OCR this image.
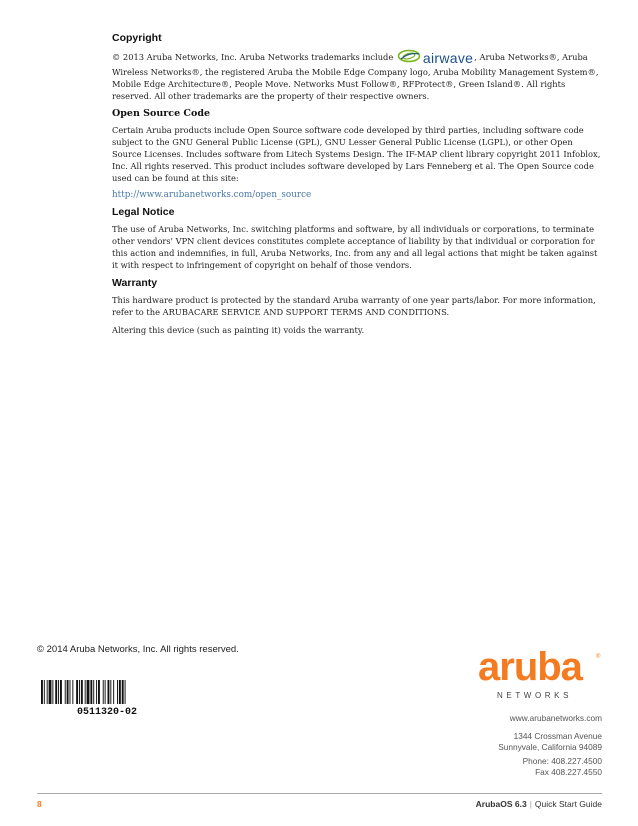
Copyright

© 2013 Aruba Networks, Inc. Aruba Networks trademarks include airwave, Aruba Networks®, Aruba Wireless Networks®, the registered Aruba the Mobile Edge Company logo, Aruba Mobility Management System®, Mobile Edge Architecture®, People Move. Networks Must Follow®, RFProtect®, Green Island®. All rights reserved. All other trademarks are the property of their respective owners.

Open Source Code

Certain Aruba products include Open Source software code developed by third parties, including software code subject to the GNU General Public License (GPL), GNU Lesser General Public License (LGPL), or other Open Source Licenses. Includes software from Litech Systems Design. The IF-MAP client library copyright 2011 Infoblox, Inc. All rights reserved. This product includes software developed by Lars Fenneberg et al. The Open Source code used can be found at this site:

http://www.arubanetworks.com/open_source
Legal Notice

The use of Aruba Networks, Inc. switching platforms and software, by all individuals or corporations, to terminate other vendors' VPN client devices constitutes complete acceptance of liability by that individual or corporation for this action and indemnifies, in full, Aruba Networks, Inc. from any and all legal actions that might be taken against it with respect to infringement of copyright on behalf of those vendors.

Warranty

This hardware product is protected by the standard Aruba warranty of one year parts/labor. For more information, refer to the ARUBACARE SERVICE AND SUPPORT TERMS AND CONDITIONS.

Altering this device (such as painting it) voids the warranty.

© 2014 Aruba Networks, Inc. All rights reserved.
0511320-02
aruba ®
NETWORKS
www.arubanetworks.com
1344 Crossman Avenue
Sunnyvale, California 94089
Phone: 408.227.4500
Fax 408.227.4550
8	ArubaOS 6.3 | Quick Start Guide
